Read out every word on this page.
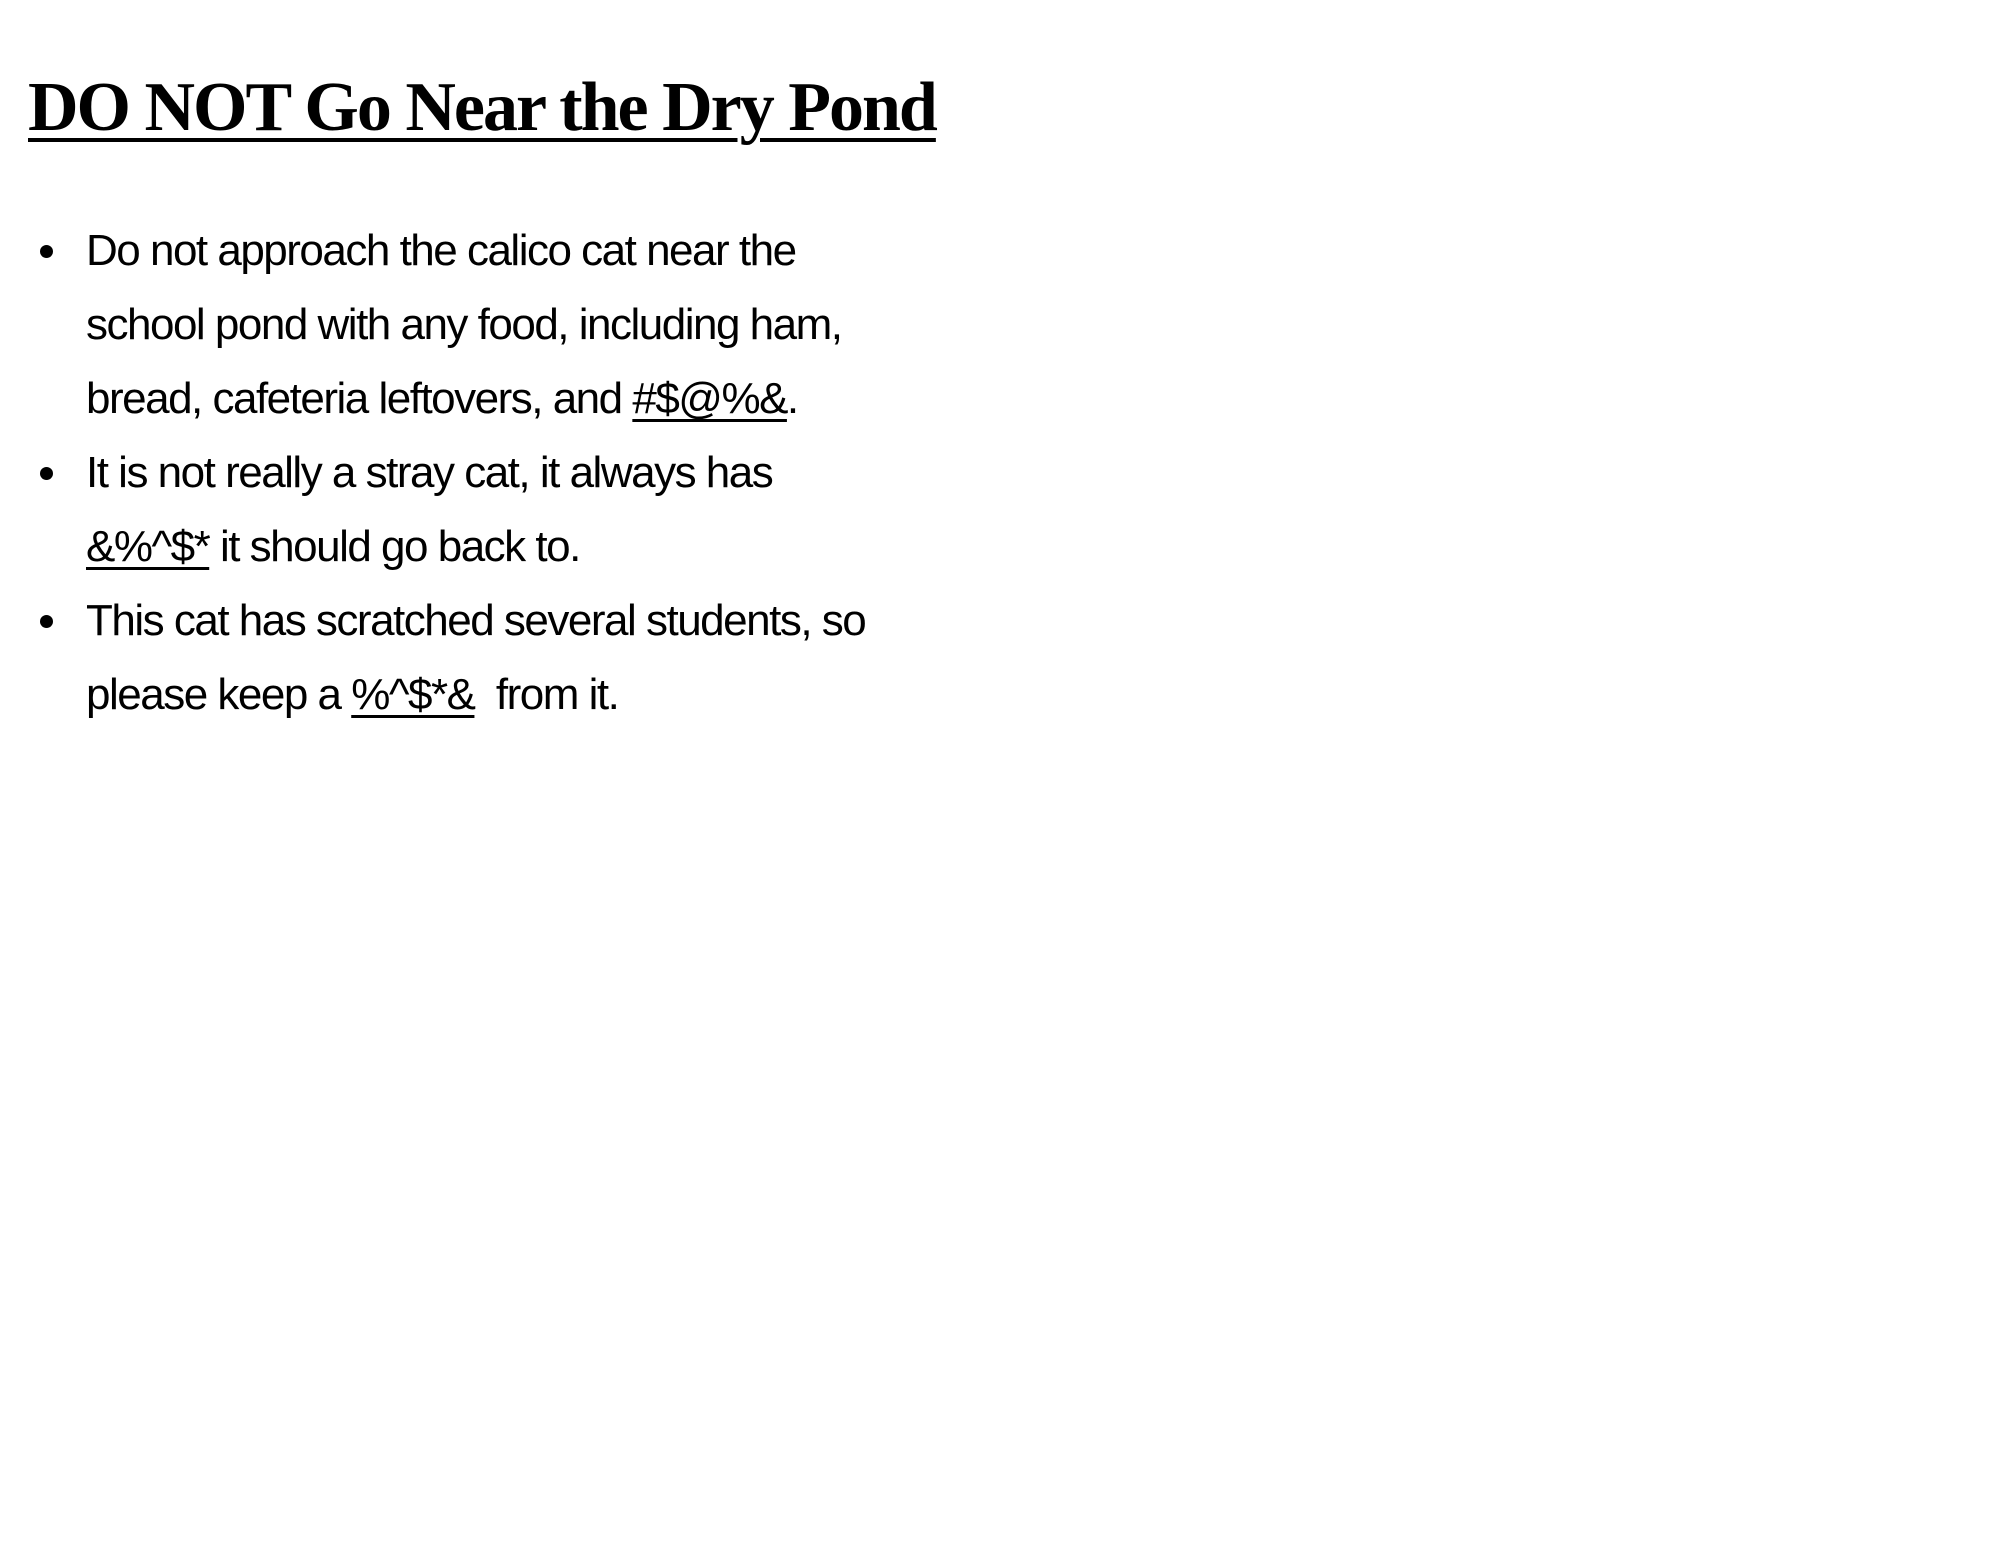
DO NOT Go Near the Dry Pond
Do not approach the calico cat near the
school pond with any food, including ham,
bread, cafeteria leftovers, and #$@%&.
It is not really a stray cat, it always has
&%^$* it should go back to.
This cat has scratched several students, so
please keep a %^$*&  from it.
